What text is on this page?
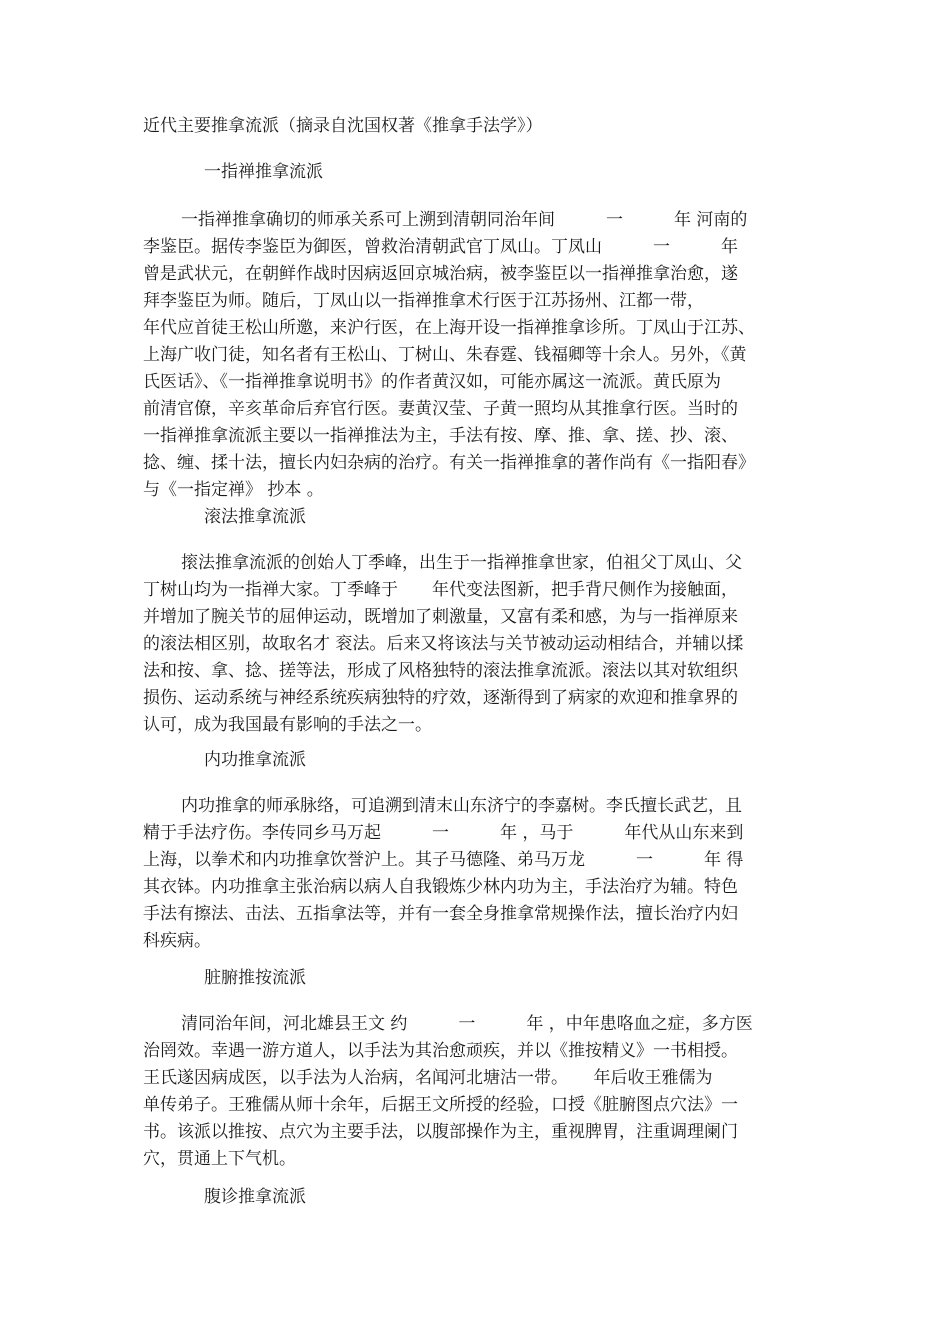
近代主要推拿流派（摘录自沈国权著《推拿手法学》）
一指禅推拿流派
一指禅推拿确切的师承关系可上溯到清朝同治年间　　　一　　　年 河南的
李鉴臣。据传李鉴臣为御医，曾救治清朝武官丁凤山。丁凤山　　　一　　　年
曾是武状元，在朝鲜作战时因病返回京城治病，被李鉴臣以一指禅推拿治愈，遂
拜李鉴臣为师。随后，丁凤山以一指禅推拿术行医于江苏扬州、江都一带，
年代应首徒王松山所邀，来沪行医，在上海开设一指禅推拿诊所。丁凤山于江苏、
上海广收门徒，知名者有王松山、丁树山、朱春霆、钱福卿等十余人。另外，《黄
氏医话》、《一指禅推拿说明书》的作者黄汉如，可能亦属这一流派。黄氏原为
前清官僚，辛亥革命后弃官行医。妻黄汉莹、子黄一照均从其推拿行医。当时的
一指禅推拿流派主要以一指禅推法为主，手法有按、摩、推、拿、搓、抄、滚、
捻、缠、揉十法，擅长内妇杂病的治疗。有关一指禅推拿的著作尚有《一指阳春》
与《一指定禅》 抄本 。
滚法推拿流派
㨰法推拿流派的创始人丁季峰，出生于一指禅推拿世家，伯祖父丁凤山、父
丁树山均为一指禅大家。丁季峰于　　年代变法图新，把手背尺侧作为接触面，
并增加了腕关节的屈伸运动，既增加了刺激量，又富有柔和感，为与一指禅原来
的滚法相区别，故取名才 衮法。后来又将该法与关节被动运动相结合，并辅以揉
法和按、拿、捻、搓等法，形成了风格独特的滚法推拿流派。滚法以其对软组织
损伤、运动系统与神经系统疾病独特的疗效，逐渐得到了病家的欢迎和推拿界的
认可，成为我国最有影响的手法之一。
内功推拿流派
内功推拿的师承脉络，可追溯到清末山东济宁的李嘉树。李氏擅长武艺，且
精于手法疗伤。李传同乡马万起　　　一　　　年 ，马于　　　年代从山东来到
上海，以拳术和内功推拿饮誉沪上。其子马德隆、弟马万龙　　　一　　　年 得
其衣钵。内功推拿主张治病以病人自我锻炼少林内功为主，手法治疗为辅。特色
手法有擦法、击法、五指拿法等，并有一套全身推拿常规操作法，擅长治疗内妇
科疾病。
脏腑推按流派
清同治年间，河北雄县王文 约　　　一　　　年 ，中年患咯血之症，多方医
治罔效。幸遇一游方道人，以手法为其治愈顽疾，并以《推按精义》一书相授。
王氏遂因病成医，以手法为人治病，名闻河北塘沽一带。　　年后收王雅儒为
单传弟子。王雅儒从师十余年，后据王文所授的经验，口授《脏腑图点穴法》一
书。该派以推按、点穴为主要手法，以腹部操作为主，重视脾胃，注重调理阑门
穴，贯通上下气机。
腹诊推拿流派
